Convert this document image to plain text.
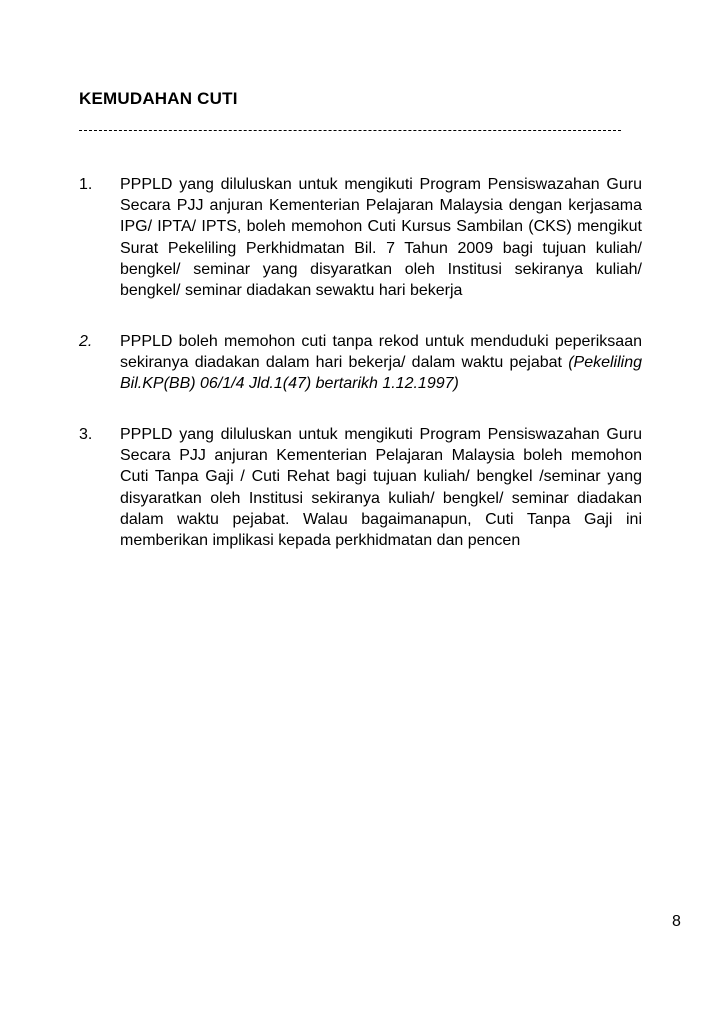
KEMUDAHAN CUTI
1.	PPPLD yang diluluskan untuk mengikuti Program Pensiswazahan Guru Secara PJJ anjuran Kementerian Pelajaran Malaysia dengan kerjasama IPG/ IPTA/ IPTS, boleh memohon Cuti Kursus Sambilan (CKS) mengikut Surat Pekeliling Perkhidmatan Bil. 7 Tahun 2009 bagi tujuan kuliah/ bengkel/ seminar yang disyaratkan oleh Institusi sekiranya kuliah/ bengkel/ seminar diadakan sewaktu hari bekerja
2.	PPPLD boleh memohon cuti tanpa rekod untuk menduduki peperiksaan sekiranya diadakan dalam hari bekerja/ dalam waktu pejabat (Pekeliling Bil.KP(BB) 06/1/4 Jld.1(47) bertarikh 1.12.1997)
3.	PPPLD yang diluluskan untuk mengikuti Program Pensiswazahan Guru Secara PJJ anjuran Kementerian Pelajaran Malaysia boleh memohon Cuti Tanpa Gaji / Cuti Rehat bagi tujuan kuliah/ bengkel /seminar yang disyaratkan oleh Institusi sekiranya kuliah/ bengkel/ seminar diadakan dalam waktu pejabat. Walau bagaimanapun, Cuti Tanpa Gaji ini memberikan implikasi kepada perkhidmatan dan pencen
8
